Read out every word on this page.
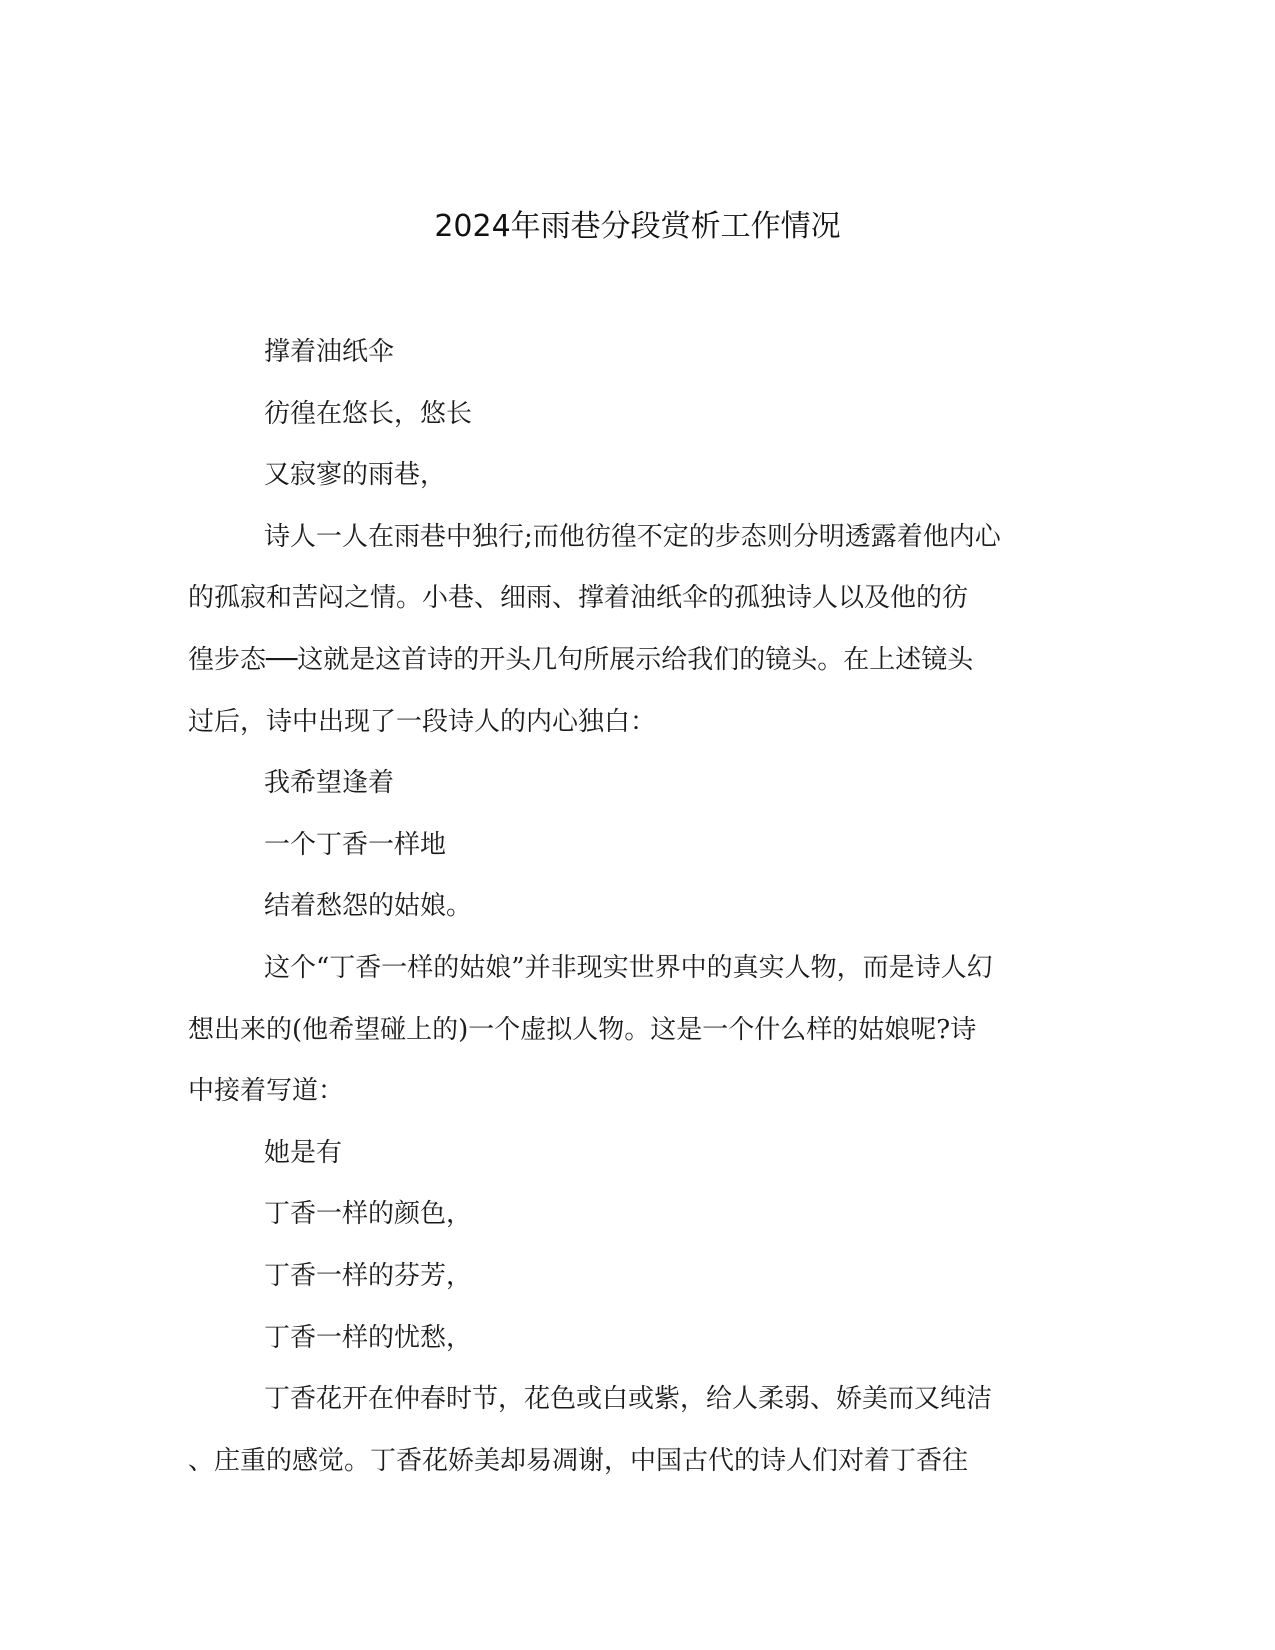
2024年雨巷分段赏析工作情况

撑着油纸伞

彷徨在悠长，悠长

又寂寥的雨巷，

诗人一人在雨巷中独行;而他彷徨不定的步态则分明透露着他内心

的孤寂和苦闷之情。小巷、细雨、撑着油纸伞的孤独诗人以及他的彷

徨步态──这就是这首诗的开头几句所展示给我们的镜头。在上述镜头

过后，诗中出现了一段诗人的内心独白：

我希望逢着

一个丁香一样地

结着愁怨的姑娘。

这个“丁香一样的姑娘”并非现实世界中的真实人物，而是诗人幻

想出来的(他希望碰上的)一个虚拟人物。这是一个什么样的姑娘呢?诗

中接着写道：

她是有

丁香一样的颜色，

丁香一样的芬芳，

丁香一样的忧愁，

丁香花开在仲春时节，花色或白或紫，给人柔弱、娇美而又纯洁

、庄重的感觉。丁香花娇美却易凋谢，中国古代的诗人们对着丁香往
